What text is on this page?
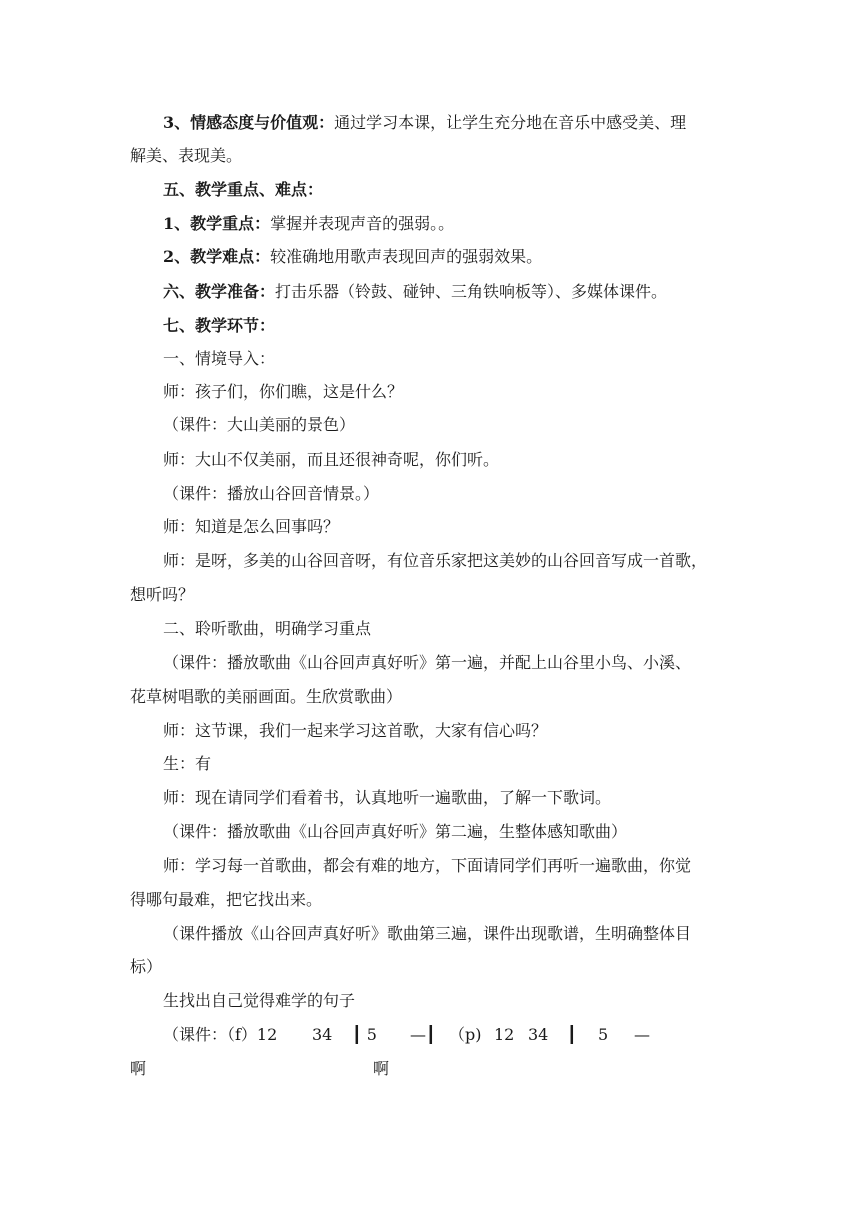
3、情感态度与价值观：通过学习本课，让学生充分地在音乐中感受美、理
解美、表现美。
五、教学重点、难点：
1、教学重点：掌握并表现声音的强弱。。
2、教学难点：较准确地用歌声表现回声的强弱效果。
六、教学准备：打击乐器（铃鼓、碰钟、三角铁响板等）、多媒体课件。
七、教学环节：
一、情境导入：
师：孩子们，你们瞧，这是什么？
（课件：大山美丽的景色）
师：大山不仅美丽，而且还很神奇呢，你们听。
（课件：播放山谷回音情景。）
师：知道是怎么回事吗？
师：是呀，多美的山谷回音呀，有位音乐家把这美妙的山谷回音写成一首歌，
想听吗？
二、聆听歌曲，明确学习重点
（课件：播放歌曲《山谷回声真好听》第一遍，并配上山谷里小鸟、小溪、
花草树唱歌的美丽画面。生欣赏歌曲）
师：这节课，我们一起来学习这首歌，大家有信心吗？
生：有
师：现在请同学们看着书，认真地听一遍歌曲，了解一下歌词。
（课件：播放歌曲《山谷回声真好听》第二遍，生整体感知歌曲）
师：学习每一首歌曲，都会有难的地方，下面请同学们再听一遍歌曲，你觉
得哪句最难，把它找出来。
（课件播放《山谷回声真好听》歌曲第三遍，课件出现歌谱，生明确整体目
标）
生找出自己觉得难学的句子
（课件：（f）12 34 ┃ 5 —┃ （p) 12 34 ┃ 5 —
啊	啊
